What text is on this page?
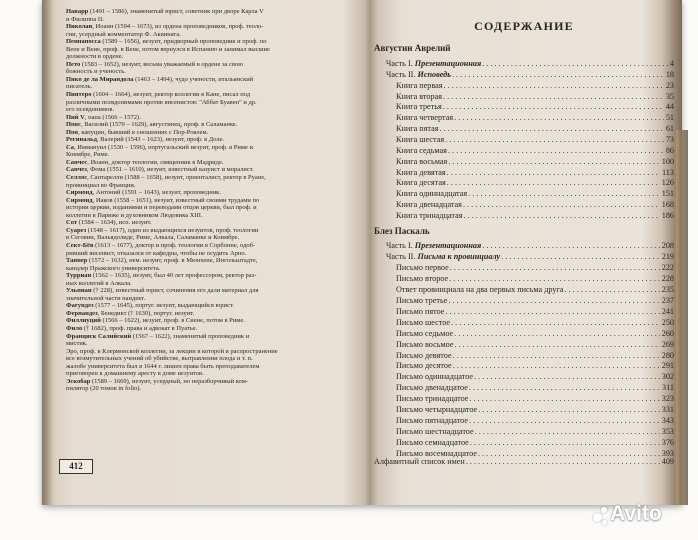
Наварр (1491 – 1586), знаменитый юрист, советник при дворе Карла V

и Филиппа II.

Николаи, Иоанн (1594 – 1673), из ордена проповедников, проф. теоло-

гии, усердный комментатор Ф. Аквината.

Пеннапосса (1589 – 1656), иезуит, придворный проповедник и проф. по

Вене и Веие, проф. в Вене, потом вернулся в Испанию и занимал высшие

должности в ордене.

Пето (1583 – 1652), иезуит, весьма уважаемый в ордене за свою

божность и ученость.

Пико де ла Мирандола (1463 – 1494), чудо учености, итальянский

писатель.

Пинтеро (1604 – 1664), иезуит, ректор коллегии в Кане, писал под

различными псевдонимами против янсенистов: "Аббат Буавен" и др.

его псевдонимов.

Пий V, папа (1566 – 1572).

Понс, Василий (1570 – 1629), августинец, проф. в Саламанке.

Пон, капуцин, бывший в сношениях с Пор-Роялем.

Регинальд, Валерий (1543 – 1623), иезуит, проф. в Доле.

Са, Иммануил (1530 – 1596), португальский иезуит, проф. в Риме и

Коимбре, Риме.

Санчес, Иоанн, доктор теологии, священник в Мадриде.

Санчез, Фома (1551 – 1610), иезуит, известный казуист и моралист.

Селлос, Сантарелли (1588 – 1658), иезуит, ориенталист, ректор в Руане,

провинциал во Франции.

Сирмонд, Антоний (1591 – 1643), иезуит, проповедник.

Сирмонд, Иаков (1558 – 1651), иезуит, известный своими трудами по

истории церкви, изданиями и переводами отцов церкви, был проф. и

коллегии в Париже и духовником Людовика XIII.

Сот (1584 – 1634), исп. иезуит.

Суарез (1548 – 1617), один из выдающихся иезуитов, проф. теологии

в Сеговии, Вальядолиде, Риме, Алкала, Саламанке и Коимбре.

Сект-Бёв (1613 – 1677), доктор и проф. теологии в Сорбонне, одоб-

ривший янсенист, отказался от кафедры, чтобы не осудить Арно.

Таннер (1572 – 1632), нем. иезуит, проф. в Мюнхене, Ингольштадте,

канцлер Пражского университета.

Турриан (1562 – 1635), иезуит, был 40 лет профессором, ректор раз-

ных коллегий в Алкала.

Ульпиан († 228), известный юрист, сочинения его дали материал для

значительной части пандект.

Фагундез (1577 – 1645), португ. иезуит, выдающийся юрист.

Фернандез, Бенедикт († 1630), португ. иезуит.

Филлиуций (1566 – 1622), иезуит, проф. в Сиене, потом в Риме.

Фило († 1682), проф. права и адвокат в Пуатье.

Франциск Салийский (1567 – 1622), знаменитый проповедник и

мистик.

Эро, проф. в Клермонской коллегии, за лекции в которой в распространение

все возмутительных учений об убийстве, вытравлении плода и т. п.

жалобе университета был в 1644 г. лишен права быть преподавателем

приговорен к домашнему аресту в доме иезуитов.

Эскобар (1589 – 1669), иезуит, усердный, но неразборчивый ком-

пилятор (20 томов in folio).

412
СОДЕРЖАНИЕ
Августин Аврелий
Блез Паскаль
Часть I. Презентационная . . .	4
Часть II. Исповедь . . .	18
Книга первая . . .	23
Книга вторая . . .	35
Книга третья . . .	44
Книга четвертая . . .	51
Книга пятая . . .	61
Книга шестая . . .	73
Книга седьмая . . .	86
Книга восьмая . . .	100
Книга девятая . . .	113
Книга десятая . . .	126
Книга одиннадцатая . . .	151
Книга двенадцатая . . .	168
Книга тринадцатая . . .	186
Часть I. Презентационная . . .	208
Часть II. Письма к провинциалу . . .	219
Письмо первое . . .	222
Письмо второе . . .	228
Ответ провинциала на два первых письма друга . . .	235
Письмо третье . . .	237
Письмо пятое . . .	241
Письмо шестое . . .	250
Письмо седьмое . . .	260
Письмо восьмое . . .	269
Письмо девятое . . .	280
Письмо десятое . . .	291
Письмо одиннадцатое . . .	302
Письмо двенадцатое . . .	311
Письмо тринадцатое . . .	323
Письмо четырнадцатое . . .	331
Письмо пятнадцатое . . .	343
Письмо шестнадцатое . . .	353
Письмо семнадцатое . . .	376
Письмо восемнадцатое . . .	393
Алфавитный список имен . . .	409
Avito
